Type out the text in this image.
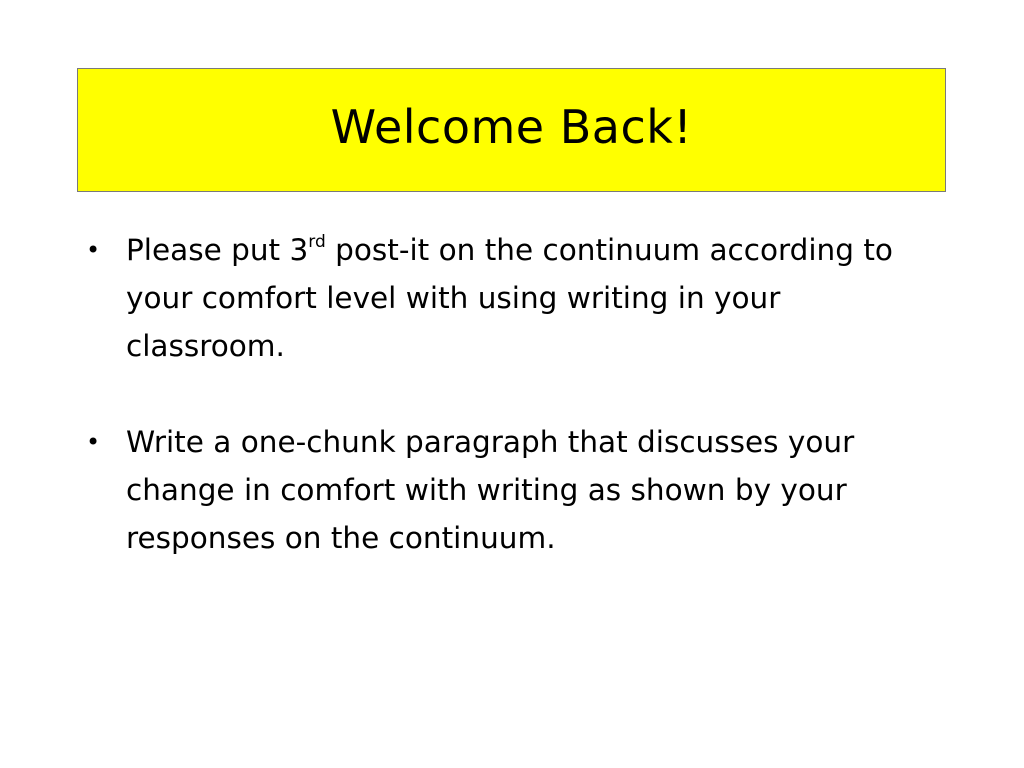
Welcome Back!
• Please put 3rd post-it on the continuum according to your comfort level with using writing in your classroom.
• Write a one-chunk paragraph that discusses your change in comfort with writing as shown by your responses on the continuum.
